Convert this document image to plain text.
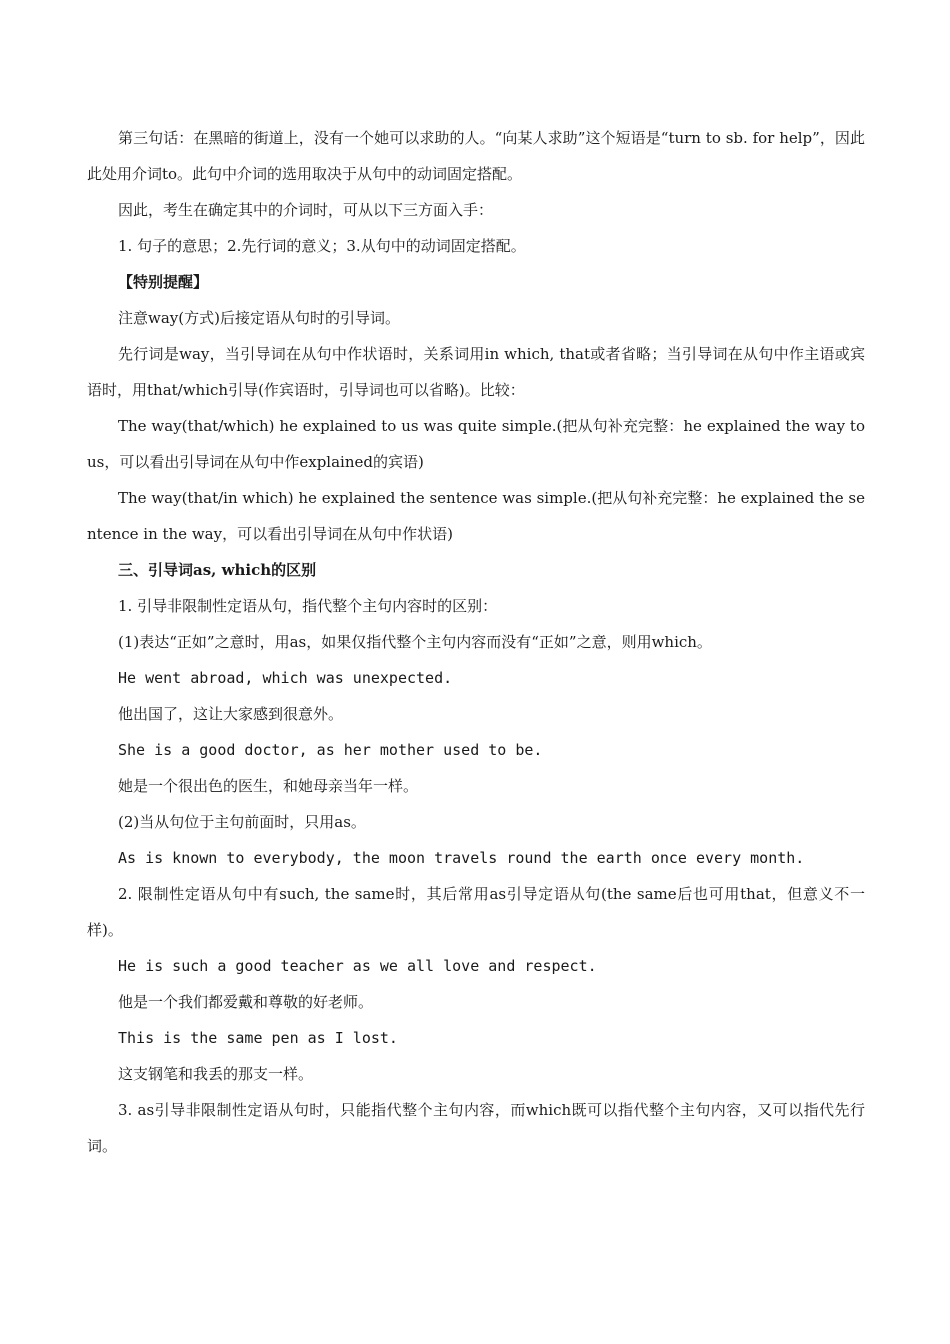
第三句话：在黑暗的街道上，没有一个她可以求助的人。“向某人求助”这个短语是“turn to sb. for help”，因此此处用介词to。此句中介词的选用取决于从句中的动词固定搭配。

因此，考生在确定其中的介词时，可从以下三方面入手：

1. 句子的意思；2.先行词的意义；3.从句中的动词固定搭配。

【特别提醒】

注意way(方式)后接定语从句时的引导词。

先行词是way，当引导词在从句中作状语时，关系词用in which, that或者省略；当引导词在从句中作主语或宾语时，用that/which引导(作宾语时，引导词也可以省略)。比较：

The way(that/which) he explained to us was quite simple.(把从句补充完整：he explained the way to us，可以看出引导词在从句中作explained的宾语)

The way(that/in which) he explained the sentence was simple.(把从句补充完整：he explained the sentence in the way，可以看出引导词在从句中作状语)

三、引导词as, which的区别

1. 引导非限制性定语从句，指代整个主句内容时的区别：

(1)表达“正如”之意时，用as，如果仅指代整个主句内容而没有“正如”之意，则用which。

He went abroad, which was unexpected.

他出国了，这让大家感到很意外。

She is a good doctor, as her mother used to be.

她是一个很出色的医生，和她母亲当年一样。

(2)当从句位于主句前面时，只用as。

As is known to everybody, the moon travels round the earth once every month.

2. 限制性定语从句中有such, the same时，其后常用as引导定语从句(the same后也可用that，但意义不一样)。

He is such a good teacher as we all love and respect.

他是一个我们都爱戴和尊敬的好老师。

This is the same pen as I lost.

这支钢笔和我丢的那支一样。

3. as引导非限制性定语从句时，只能指代整个主句内容，而which既可以指代整个主句内容，又可以指代先行词。
